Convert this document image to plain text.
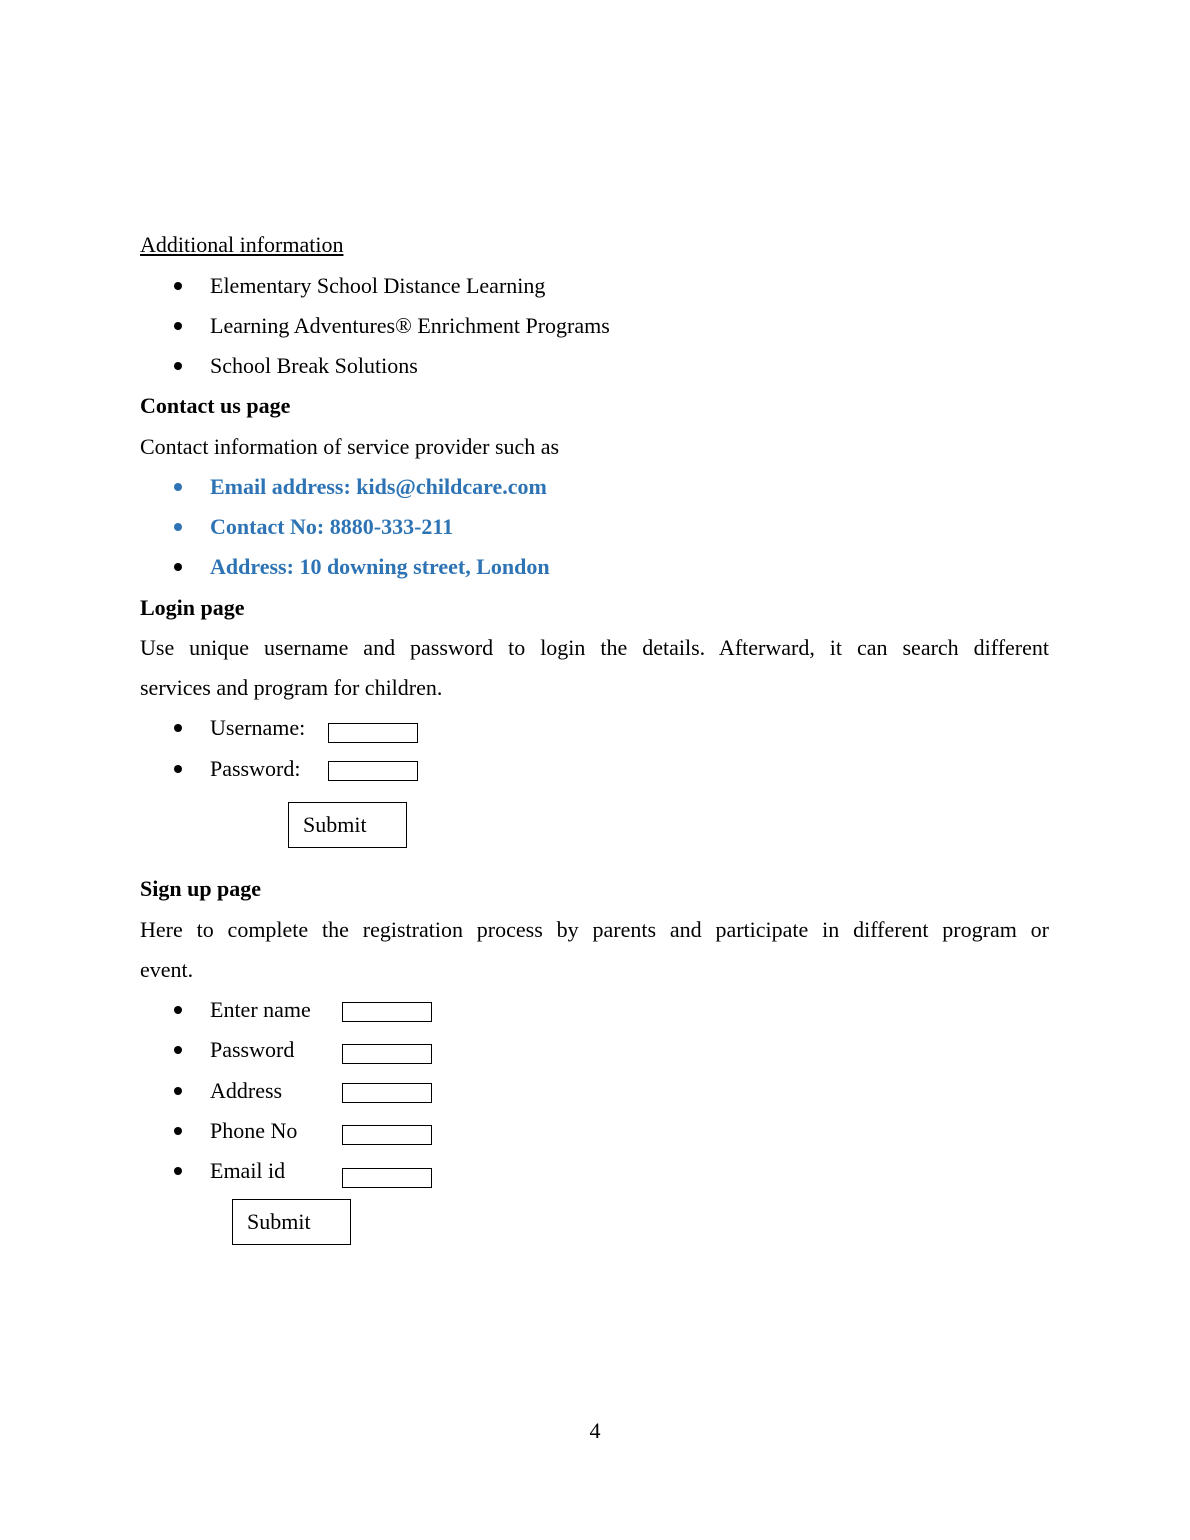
Additional information
Elementary School Distance Learning
Learning Adventures® Enrichment Programs
School Break Solutions
Contact us page
Contact information of service provider such as
Email address: kids@childcare.com
Contact No: 8880-333-211
Address: 10 downing street, London
Login page
Use unique username and password to login the details. Afterward, it can search different
services and program for children.
Username:
Password:
Submit
Sign up page
Here to complete the registration process by parents and participate in different program or
event.
Enter name
Password
Address
Phone No
Email id
Submit
4
